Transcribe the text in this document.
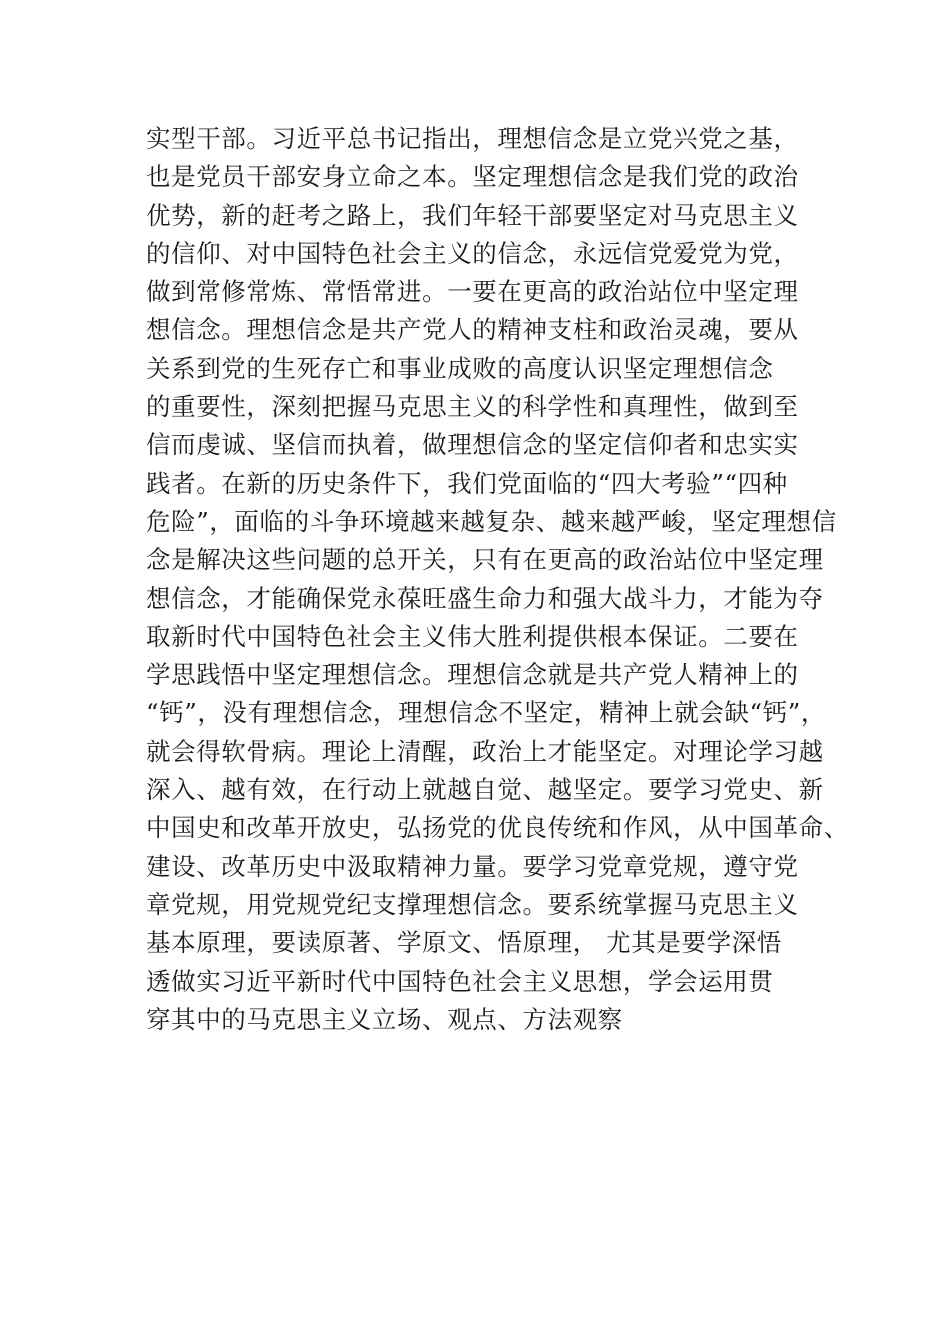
实型干部。习近平总书记指出，理想信念是立党兴党之基，
也是党员干部安身立命之本。坚定理想信念是我们党的政治
优势，新的赶考之路上，我们年轻干部要坚定对马克思主义
的信仰、对中国特色社会主义的信念，永远信党爱党为党，
做到常修常炼、常悟常进。一要在更高的政治站位中坚定理
想信念。理想信念是共产党人的精神支柱和政治灵魂，要从
关系到党的生死存亡和事业成败的高度认识坚定理想信念
的重要性，深刻把握马克思主义的科学性和真理性，做到至
信而虔诚、坚信而执着，做理想信念的坚定信仰者和忠实实
践者。在新的历史条件下，我们党面临的“四大考验”“四种
危险”，面临的斗争环境越来越复杂、越来越严峻，坚定理想信
念是解决这些问题的总开关，只有在更高的政治站位中坚定理
想信念，才能确保党永葆旺盛生命力和强大战斗力，才能为夺
取新时代中国特色社会主义伟大胜利提供根本保证。二要在
学思践悟中坚定理想信念。理想信念就是共产党人精神上的
“钙”，没有理想信念，理想信念不坚定，精神上就会缺“钙”，
就会得软骨病。理论上清醒，政治上才能坚定。对理论学习越
深入、越有效，在行动上就越自觉、越坚定。要学习党史、新
中国史和改革开放史，弘扬党的优良传统和作风，从中国革命、
建设、改革历史中汲取精神力量。要学习党章党规，遵守党
章党规，用党规党纪支撑理想信念。要系统掌握马克思主义
基本原理，要读原著、学原文、悟原理， 尤其是要学深悟
透做实习近平新时代中国特色社会主义思想，学会运用贯
穿其中的马克思主义立场、观点、方法观察
